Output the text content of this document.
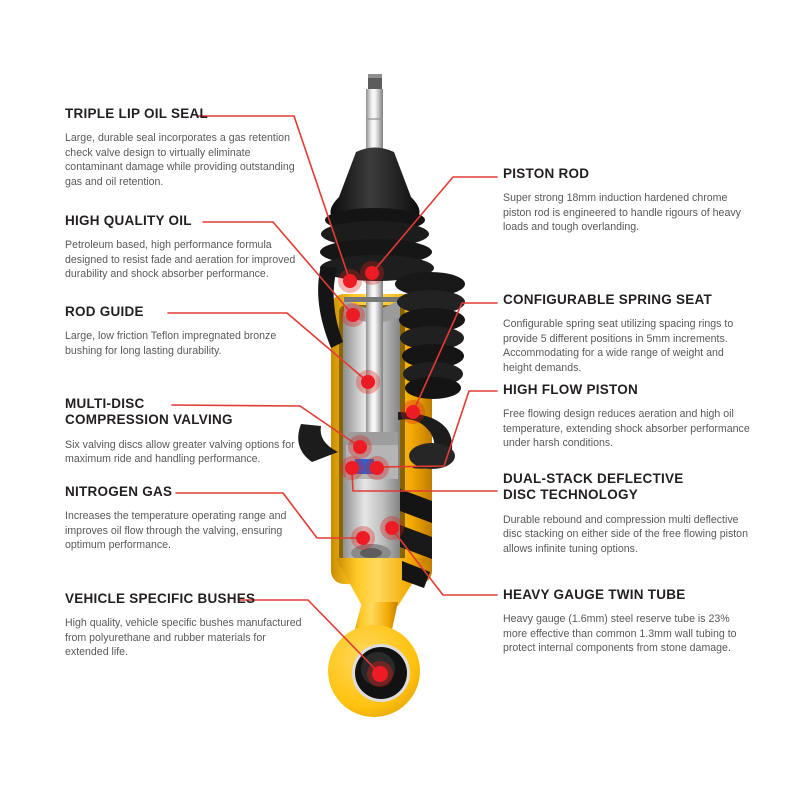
TRIPLE LIP OIL SEAL

Large, durable seal incorporates a gas retention check valve design to virtually eliminate contaminant damage while providing outstanding gas and oil retention.

HIGH QUALITY OIL

Petroleum based, high performance formula designed to resist fade and aeration for improved durability and shock absorber performance.

ROD GUIDE

Large, low friction Teflon impregnated bronze bushing for long lasting durability.

MULTI-DISC
COMPRESSION VALVING

Six valving discs allow greater valving options for maximum ride and handling performance.

NITROGEN GAS

Increases the temperature operating range and improves oil flow through the valving, ensuring optimum performance.

VEHICLE SPECIFIC BUSHES

High quality, vehicle specific bushes manufactured from polyurethane and rubber materials for extended life.

PISTON ROD

Super strong 18mm induction hardened chrome piston rod is engineered to handle rigours of heavy loads and tough overlanding.

CONFIGURABLE SPRING SEAT

Configurable spring seat utilizing spacing rings to provide 5 different positions in 5mm increments. Accommodating for a wide range of weight and height demands.

HIGH FLOW PISTON

Free flowing design reduces aeration and high oil temperature, extending shock absorber performance under harsh conditions.

DUAL-STACK DEFLECTIVE
DISC TECHNOLOGY

Durable rebound and compression multi deflective disc stacking on either side of the free flowing piston allows infinite tuning options.

HEAVY GAUGE TWIN TUBE

Heavy gauge (1.6mm) steel reserve tube is 23% more effective than common 1.3mm wall tubing to protect internal components from stone damage.
